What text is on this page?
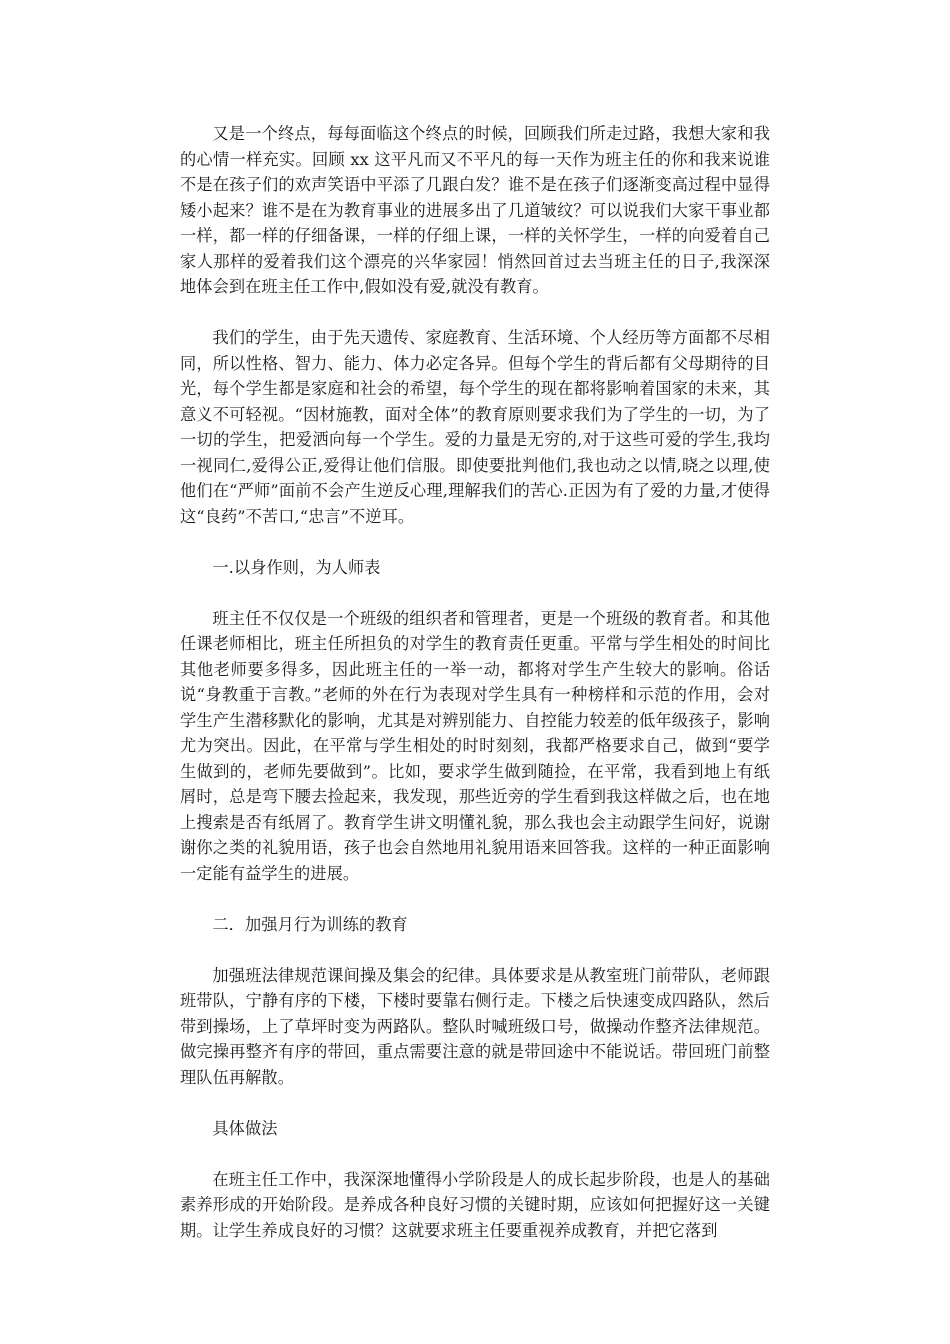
又是一个终点，每每面临这个终点的时候，回顾我们所走过路，我想大家和我的心情一样充实。回顾 xx 这平凡而又不平凡的每一天作为班主任的你和我来说谁不是在孩子们的欢声笑语中平添了几跟白发？谁不是在孩子们逐渐变高过程中显得矮小起来？谁不是在为教育事业的进展多出了几道皱纹？可以说我们大家干事业都一样，都一样的仔细备课，一样的仔细上课，一样的关怀学生，一样的向爱着自己家人那样的爱着我们这个漂亮的兴华家园！悄然回首过去当班主任的日子,我深深地体会到在班主任工作中,假如没有爱,就没有教育。
我们的学生，由于先天遗传、家庭教育、生活环境、个人经历等方面都不尽相同，所以性格、智力、能力、体力必定各异。但每个学生的背后都有父母期待的目光，每个学生都是家庭和社会的希望，每个学生的现在都将影响着国家的未来，其意义不可轻视。“因材施教，面对全体”的教育原则要求我们为了学生的一切，为了一切的学生，把爱洒向每一个学生。爱的力量是无穷的,对于这些可爱的学生,我均一视同仁,爱得公正,爱得让他们信服。即使要批判他们,我也动之以情,晓之以理,使他们在“严师”面前不会产生逆反心理,理解我们的苦心.正因为有了爱的力量,才使得这“良药”不苦口,“忠言”不逆耳。
一.以身作则，为人师表
班主任不仅仅是一个班级的组织者和管理者，更是一个班级的教育者。和其他任课老师相比，班主任所担负的对学生的教育责任更重。平常与学生相处的时间比其他老师要多得多，因此班主任的一举一动，都将对学生产生较大的影响。俗话说“身教重于言教。”老师的外在行为表现对学生具有一种榜样和示范的作用，会对学生产生潜移默化的影响，尤其是对辨别能力、自控能力较差的低年级孩子，影响尤为突出。因此，在平常与学生相处的时时刻刻，我都严格要求自己，做到“要学生做到的，老师先要做到”。比如，要求学生做到随捡，在平常，我看到地上有纸屑时，总是弯下腰去捡起来，我发现，那些近旁的学生看到我这样做之后，也在地上搜索是否有纸屑了。教育学生讲文明懂礼貌，那么我也会主动跟学生问好，说谢谢你之类的礼貌用语，孩子也会自然地用礼貌用语来回答我。这样的一种正面影响一定能有益学生的进展。
二．加强月行为训练的教育
加强班法律规范课间操及集会的纪律。具体要求是从教室班门前带队，老师跟班带队，宁静有序的下楼，下楼时要靠右侧行走。下楼之后快速变成四路队，然后带到操场，上了草坪时变为两路队。整队时喊班级口号，做操动作整齐法律规范。做完操再整齐有序的带回，重点需要注意的就是带回途中不能说话。带回班门前整理队伍再解散。
具体做法
在班主任工作中，我深深地懂得小学阶段是人的成长起步阶段，也是人的基础素养形成的开始阶段。是养成各种良好习惯的关键时期，应该如何把握好这一关键期。让学生养成良好的习惯？这就要求班主任要重视养成教育，并把它落到
